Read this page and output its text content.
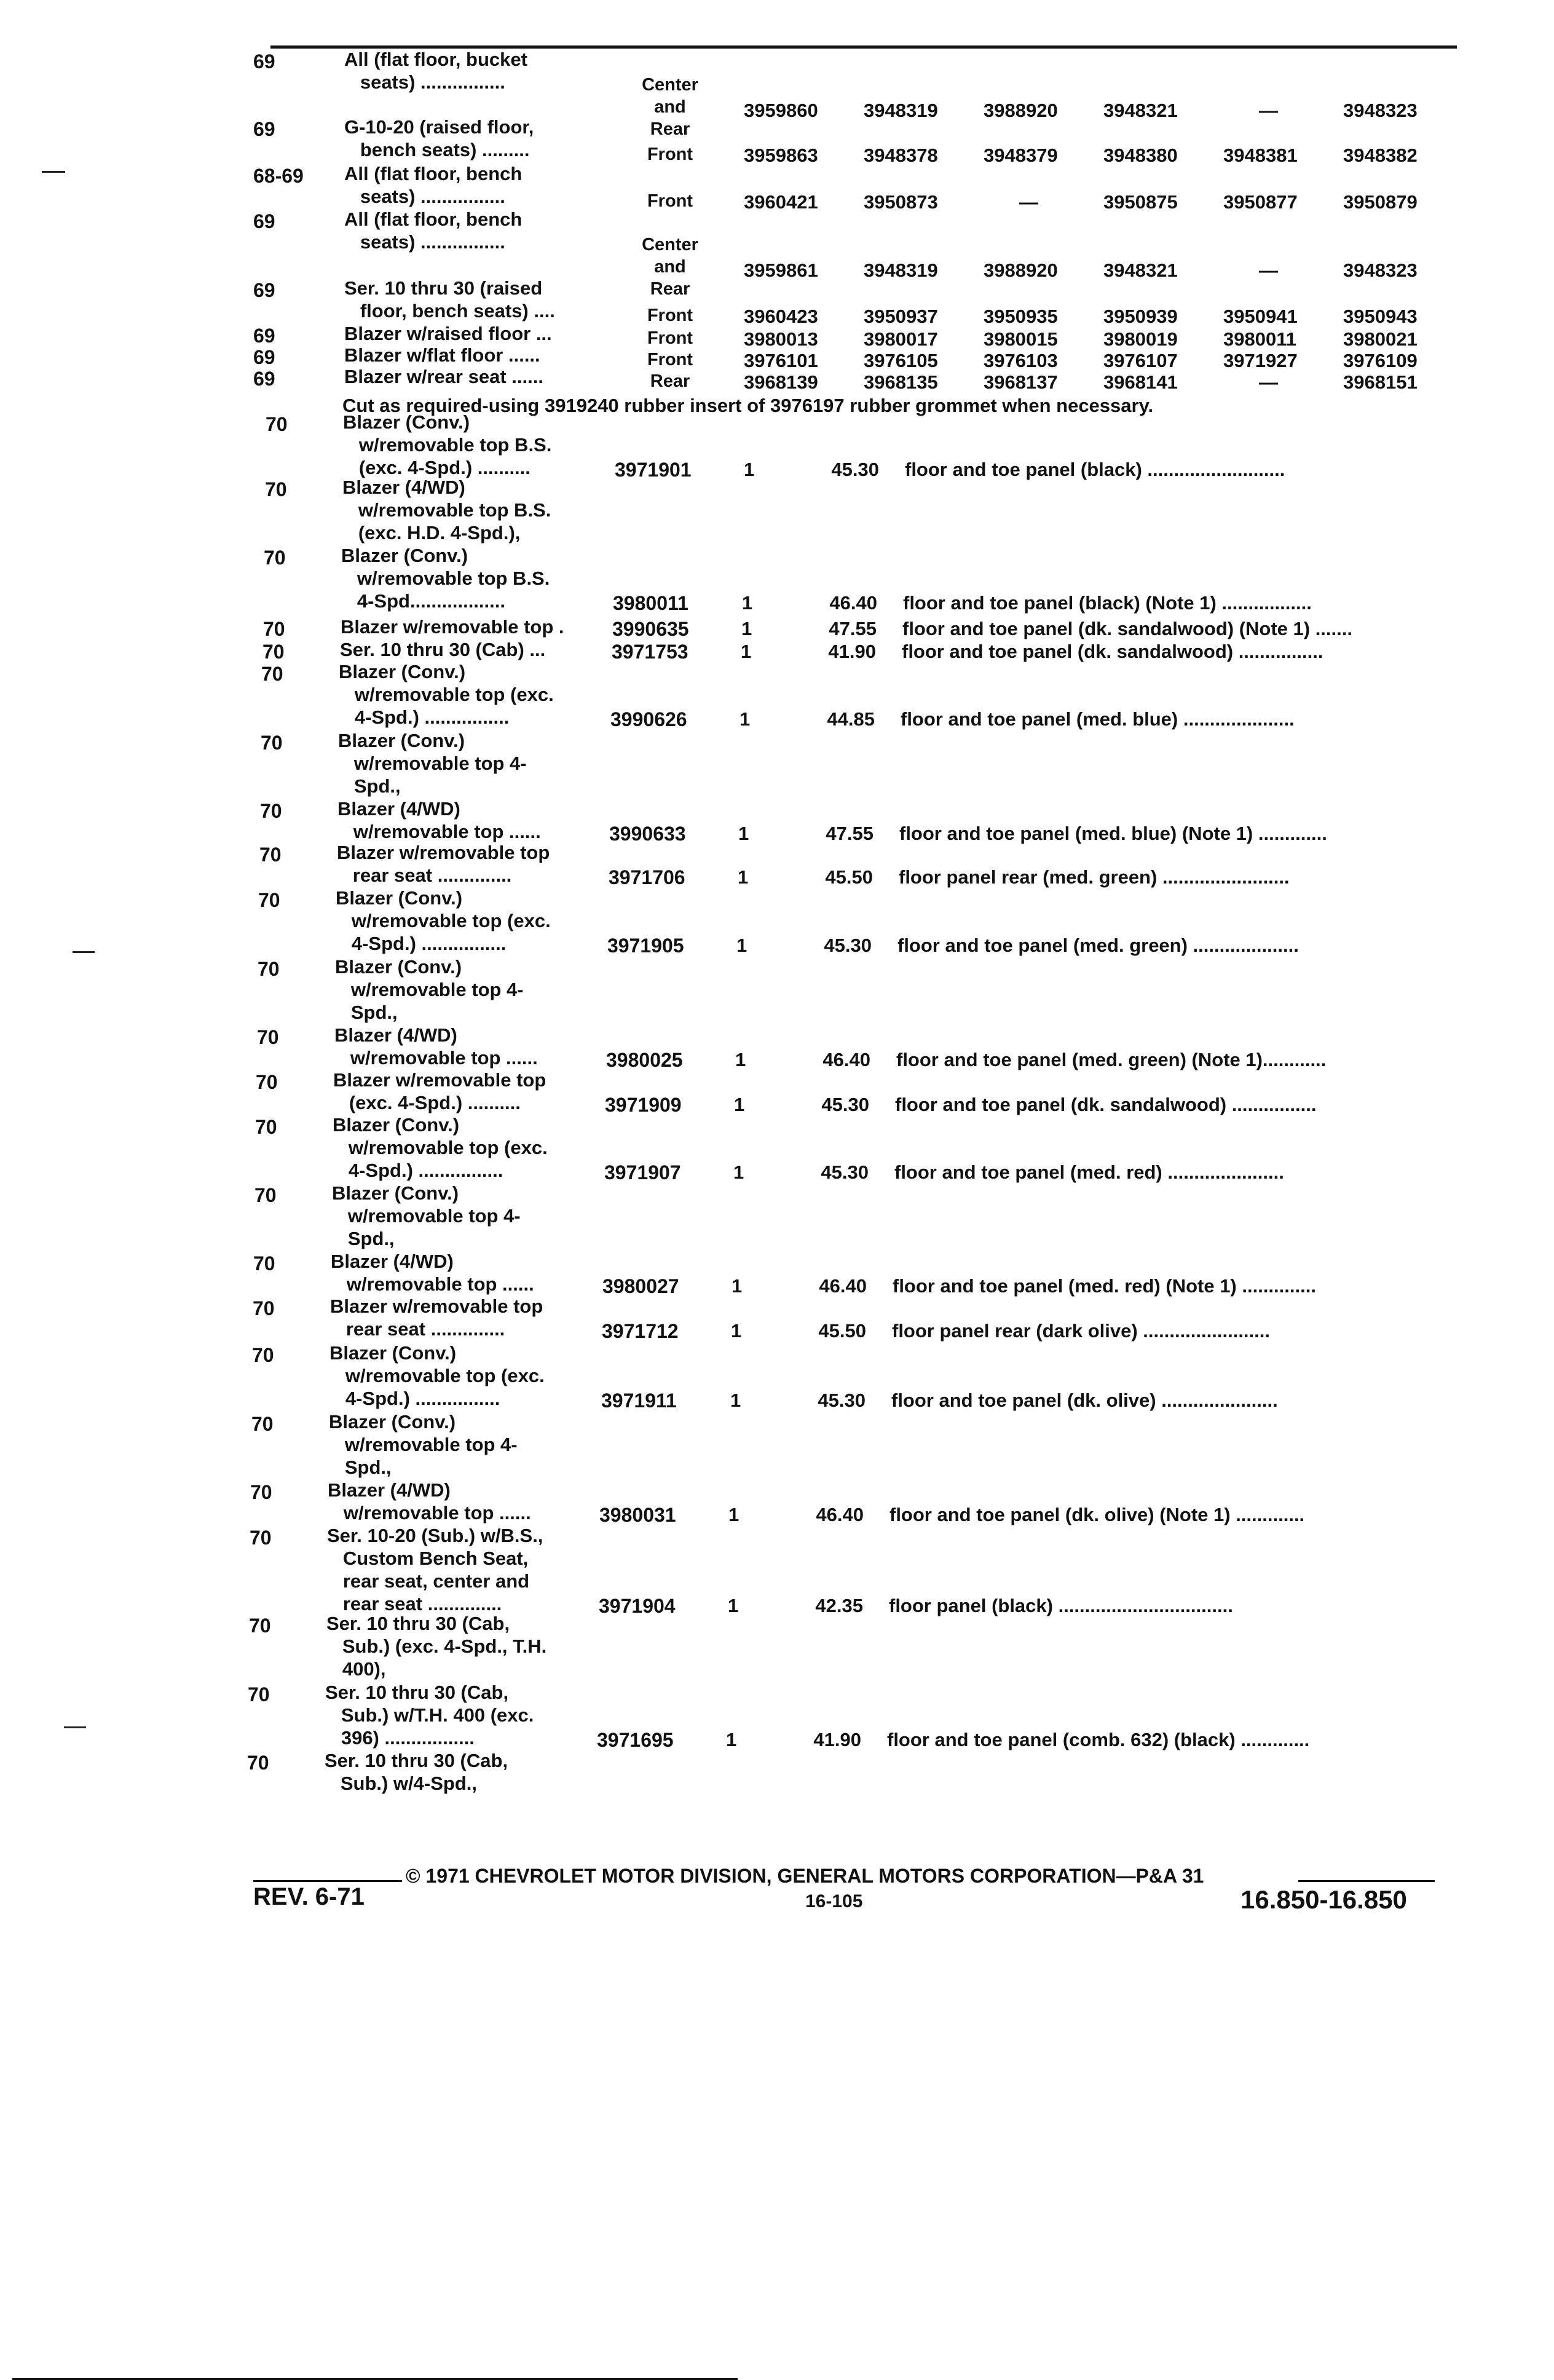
69	All (flat floor, bucket
seats) ................	Center and
Rear
3959860 3948319 3988920 3948321	—	3948323
69	G-10-20 (raised floor,
bench seats) .........	Front	3959863 3948378 3948379 3948380 3948381 3948382
68-69	All (flat floor, bench
seats) ................	Front	3960421 3950873	—	3950875 3950877 3950879
69	All (flat floor, bench
seats) ................	Center and
Rear
3959861 3948319 3988920 3948321	—	3948323
69	Ser. 10 thru 30 (raised
floor, bench seats) ....	Front	3960423 3950937 3950935 3950939 3950941 3950943
69	Blazer w/raised floor ...	Front	3980013 3980017 3980015 3980019 3980011 3980021
69	Blazer w/flat floor ......	Front	3976101 3976105 3976103 3976107 3971927 3976109
69	Blazer w/rear seat ......	Rear	3968139 3968135 3968137 3968141	—	3968151
Cut as required-using 3919240 rubber insert of 3976197 rubber grommet when necessary.
70	Blazer (Conv.)
w/removable top B.S.
(exc. 4-Spd.) ..........	3971901	1	45.30 floor and toe panel (black) ..........................
70	Blazer (4/WD)
w/removable top B.S.
(exc. H.D. 4-Spd.),
70	Blazer (Conv.)
w/removable top B.S.
4-Spd..................	3980011	1	46.40 floor and toe panel (black) (Note 1) .................
70	Blazer w/removable top . 3990635	1	47.55 floor and toe panel (dk. sandalwood) (Note 1) .......
70	Ser. 10 thru 30 (Cab) ...	3971753	1	41.90 floor and toe panel (dk. sandalwood) ................
70	Blazer (Conv.)
w/removable top (exc.
4-Spd.) ................	3990626	1	44.85 floor and toe panel (med. blue) .....................
70	Blazer (Conv.)
w/removable top 4-
Spd.,
70	Blazer (4/WD)
w/removable top ......	3990633	1	47.55 floor and toe panel (med. blue) (Note 1) .............
70	Blazer w/removable top
rear seat ..............	3971706	1	45.50 floor panel rear (med. green) ........................
70	Blazer (Conv.)
w/removable top (exc.
4-Spd.) ................	3971905	1	45.30 floor and toe panel (med. green) ....................
70	Blazer (Conv.)
w/removable top 4-
Spd.,
70	Blazer (4/WD)
w/removable top ......	3980025	1	46.40 floor and toe panel (med. green) (Note 1)............
70	Blazer w/removable top
(exc. 4-Spd.) ..........	3971909	1	45.30 floor and toe panel (dk. sandalwood) ................
70	Blazer (Conv.)
w/removable top (exc.
4-Spd.) ................	3971907	1	45.30 floor and toe panel (med. red) ......................
70	Blazer (Conv.)
w/removable top 4-
Spd.,
70	Blazer (4/WD)
w/removable top ......	3980027	1	46.40 floor and toe panel (med. red) (Note 1) ..............
70	Blazer w/removable top
rear seat ..............	3971712	1	45.50 floor panel rear (dark olive) ........................
70	Blazer (Conv.)
w/removable top (exc.
4-Spd.) ................	3971911	1	45.30 floor and toe panel (dk. olive) ......................
70	Blazer (Conv.)
w/removable top 4-
Spd.,
70	Blazer (4/WD)
w/removable top ......	3980031	1	46.40 floor and toe panel (dk. olive) (Note 1) .............
70	Ser. 10-20 (Sub.) w/B.S.,
Custom Bench Seat,
rear seat, center and
rear seat ..............	3971904	1	42.35 floor panel (black) .................................
70	Ser. 10 thru 30 (Cab,
Sub.) (exc. 4-Spd., T.H.
400),
70	Ser. 10 thru 30 (Cab,
Sub.) w/T.H. 400 (exc.
396) .................	3971695	1	41.90 floor and toe panel (comb. 632) (black) .............
70	Ser. 10 thru 30 (Cab,
Sub.) w/4-Spd.,
© 1971 CHEVROLET MOTOR DIVISION, GENERAL MOTORS CORPORATION—P&A 31
REV. 6-71	16-105	16.850-16.850
